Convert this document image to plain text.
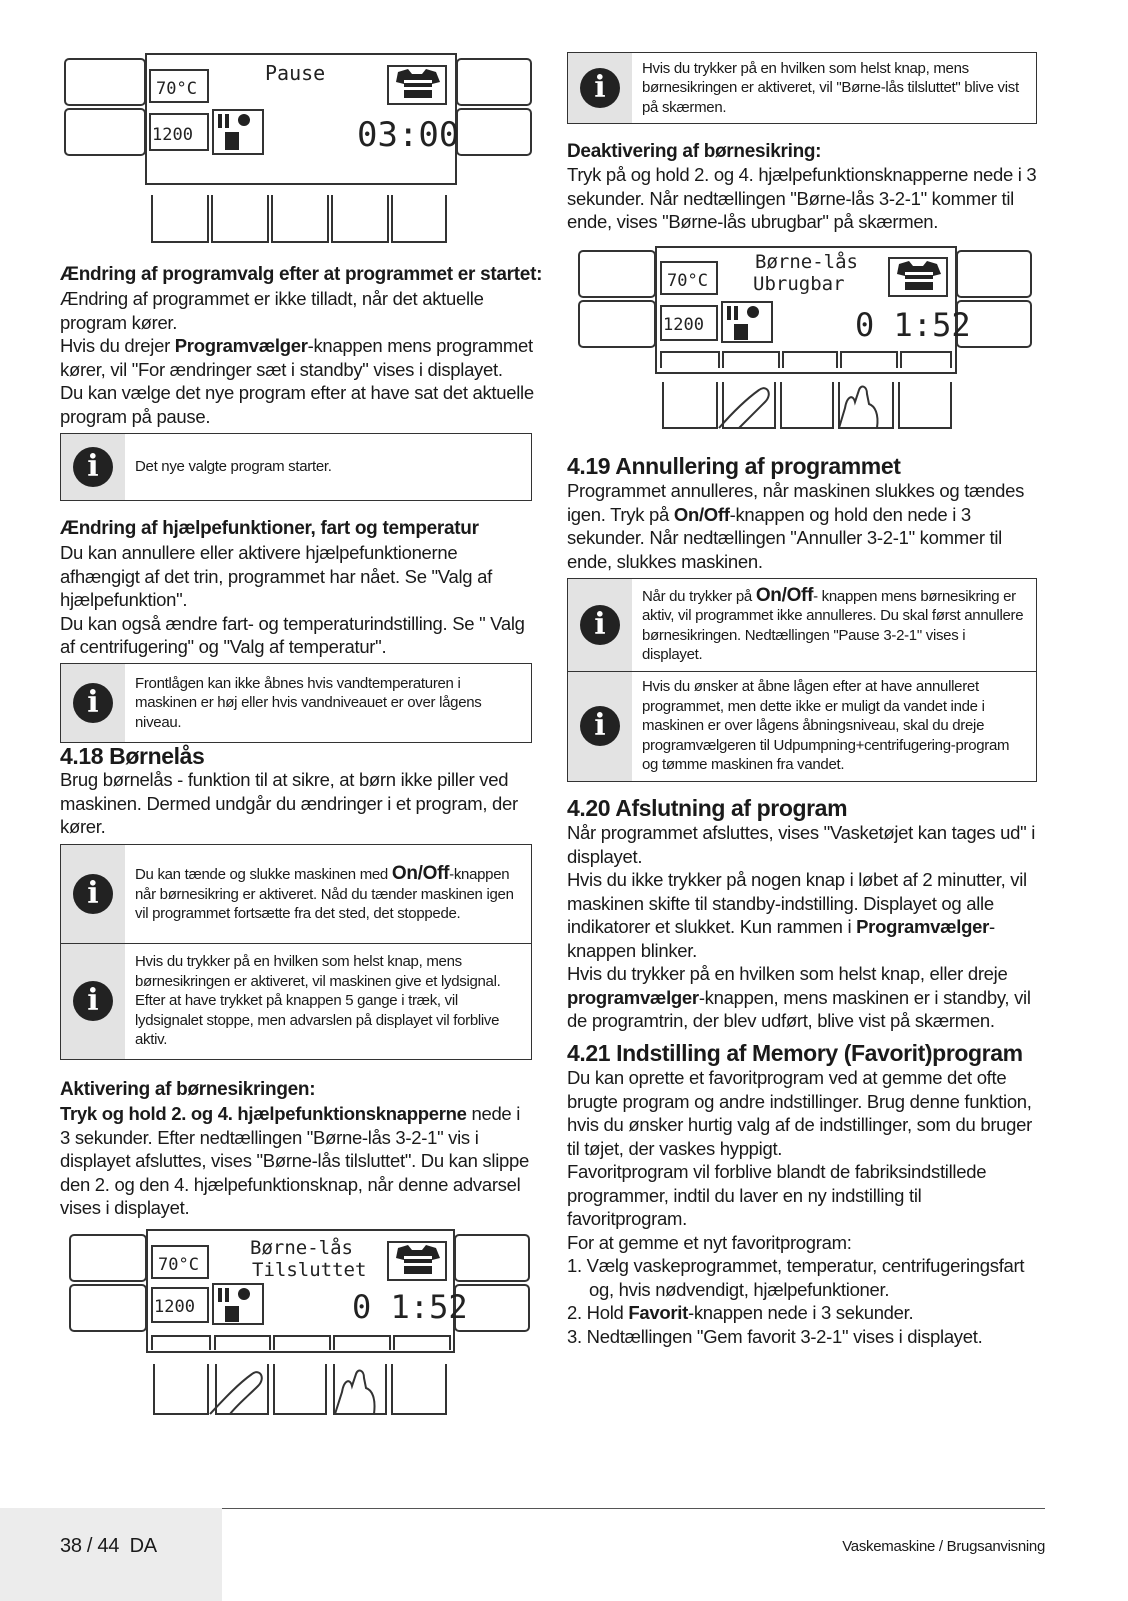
70°C
1200
Pause
03:00
Ændring af programvalg efter at programmet er startet:

Ændring af programmet er ikke tilladt, når det aktuelle program kører.

Hvis du drejer Programvælger-knappen mens programmet kører, vil "For ændringer sæt i standby" vises i displayet.

Du kan vælge det nye program efter at have sat det aktuelle program på pause.

i	Det nye valgte program starter.
Ændring af hjælpefunktioner, fart og temperatur

Du kan annullere eller aktivere hjælpefunktionerne afhængigt af det trin, programmet har nået. Se "Valg af hjælpefunktion".

Du kan også ændre fart- og temperaturindstilling. Se " Valg af centrifugering" og "Valg af temperatur".

i
Frontlågen kan ikke åbnes hvis vandtemperaturen i maskinen er høj eller hvis vandniveauet er over lågens niveau.
4.18 Børnelås

Brug børnelås - funktion til at sikre, at børn ikke piller ved maskinen. Dermed undgår du ændringer i et program, der kører.

i
Du kan tænde og slukke maskinen med On/Off-knappen når børnesikring er aktiveret. Nåd du tænder maskinen igen vil programmet fortsætte fra det sted, det stoppede.
i
Hvis du trykker på en hvilken som helst knap, mens børnesikringen er aktiveret, vil maskinen give et lydsignal. Efter at have trykket på knappen 5 gange i træk, vil lydsignalet stoppe, men advarslen på displayet vil forblive aktiv.
Aktivering af børnesikringen:

Tryk og hold 2. og 4. hjælpefunktionsknapperne nede i 3 sekunder. Efter nedtællingen "Børne-lås 3-2-1" vis i displayet afsluttes, vises "Børne-lås tilsluttet". Du kan slippe den 2. og den 4. hjælpefunktionsknap, når denne advarsel vises i displayet.

70°C
1200
Børne-lås
Tilsluttet
0 1:52
i
Hvis du trykker på en hvilken som helst knap, mens børnesikringen er aktiveret, vil "Børne-lås tilsluttet" blive vist på skærmen.
Deaktivering af børnesikring:

Tryk på og hold 2. og 4. hjælpefunktionsknapperne nede i 3 sekunder. Når nedtællingen "Børne-lås 3-2-1" kommer til ende, vises "Børne-lås ubrugbar" på skærmen.

70°C
1200
Børne-lås
Ubrugbar
0 1:52
4.19 Annullering af programmet

Programmet annulleres, når maskinen slukkes og tændes igen. Tryk på On/Off-knappen og hold den nede i 3 sekunder. Når nedtællingen "Annuller 3-2-1" kommer til ende, slukkes maskinen.

i
Når du trykker på On/Off- knappen mens børnesikring er aktiv, vil programmet ikke annulleres. Du skal først annullere børnesikringen. Nedtællingen "Pause 3-2-1" vises i displayet.
i
Hvis du ønsker at åbne lågen efter at have annulleret programmet, men dette ikke er muligt da vandet inde i maskinen er over lågens åbningsniveau, skal du dreje programvælgeren til Udpumpning+centrifugering-program og tømme maskinen fra vandet.
4.20 Afslutning af program

Når programmet afsluttes, vises "Vasketøjet kan tages ud" i displayet.

Hvis du ikke trykker på nogen knap i løbet af 2 minutter, vil maskinen skifte til standby-indstilling. Displayet og alle indikatorer et slukket. Kun rammen i Programvælger-knappen blinker.

Hvis du trykker på en hvilken som helst knap, eller dreje programvælger-knappen, mens maskinen er i standby, vil de programtrin, der blev udført, blive vist på skærmen.

4.21 Indstilling af Memory (Favorit)program

Du kan oprette et favoritprogram ved at gemme det ofte brugte program og andre indstillinger. Brug denne funktion, hvis du ønsker hurtig valg af de indstillinger, som du bruger til tøjet, der vaskes hyppigt.

Favoritprogram vil forblive blandt de fabriksindstillede programmer, indtil du laver en ny indstilling til favoritprogram.

For at gemme et nyt favoritprogram:

1. Vælg vaskeprogrammet, temperatur, centrifugeringsfart og, hvis nødvendigt, hjælpefunktioner.

2. Hold Favorit-knappen nede i 3 sekunder.

3. Nedtællingen "Gem favorit 3-2-1" vises i displayet.

38 / 44 DA	Vaskemaskine / Brugsanvisning
